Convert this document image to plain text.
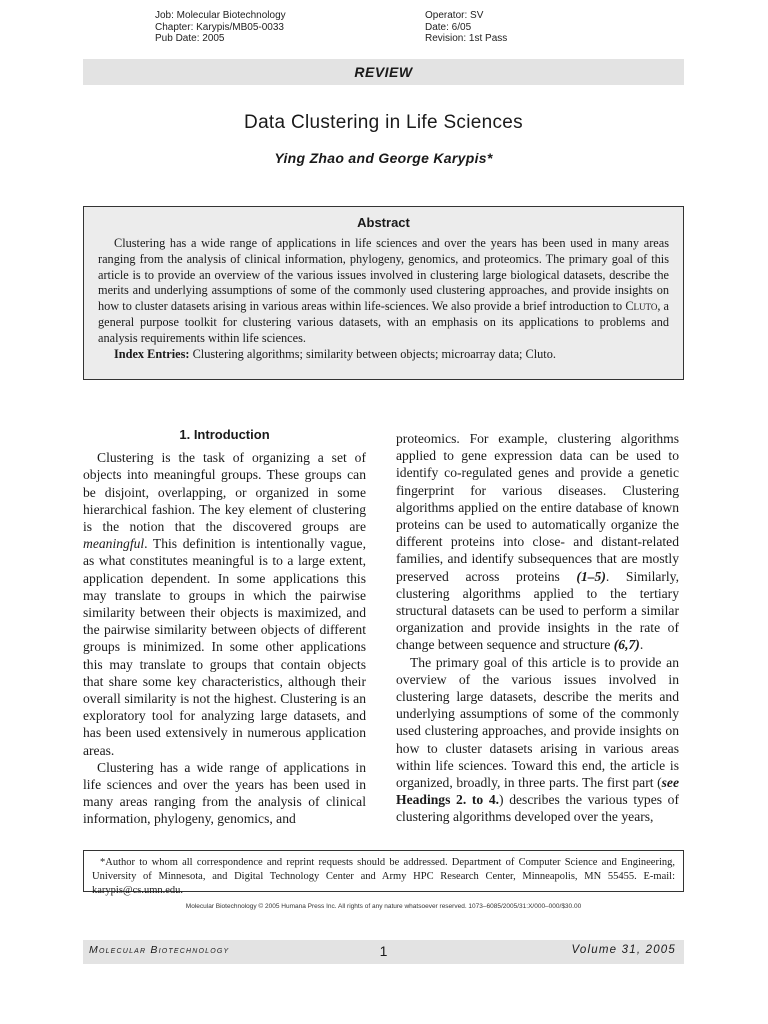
Job: Molecular Biotechnology
Chapter: Karypis/MB05-0033
Pub Date: 2005
Operator: SV
Date: 6/05
Revision: 1st Pass
REVIEW
Data Clustering in Life Sciences
Ying Zhao and George Karypis*
Abstract

Clustering has a wide range of applications in life sciences and over the years has been used in many areas ranging from the analysis of clinical information, phylogeny, genomics, and proteomics. The primary goal of this article is to provide an overview of the various issues involved in clustering large biological datasets, describe the merits and underlying assumptions of some of the commonly used clustering approaches, and provide insights on how to cluster datasets arising in various areas within life-sciences. We also provide a brief introduction to Cluto, a general purpose toolkit for clustering various datasets, with an emphasis on its applications to problems and analysis requirements within life sciences.

Index Entries: Clustering algorithms; similarity between objects; microarray data; Cluto.

1. Introduction

Clustering is the task of organizing a set of objects into meaningful groups. These groups can be disjoint, overlapping, or organized in some hierarchical fashion. The key element of clustering is the notion that the discovered groups are meaningful. This definition is intentionally vague, as what constitutes meaningful is to a large extent, application dependent. In some applications this may translate to groups in which the pairwise similarity between their objects is maximized, and the pairwise similarity between objects of different groups is minimized. In some other applications this may translate to groups that contain objects that share some key characteristics, although their overall similarity is not the highest. Clustering is an exploratory tool for analyzing large datasets, and has been used extensively in numerous application areas.

Clustering has a wide range of applications in life sciences and over the years has been used in many areas ranging from the analysis of clinical information, phylogeny, genomics, and

proteomics. For example, clustering algorithms applied to gene expression data can be used to identify co-regulated genes and provide a genetic fingerprint for various diseases. Clustering algorithms applied on the entire database of known proteins can be used to automatically organize the different proteins into close- and distant-related families, and identify subsequences that are mostly preserved across proteins (1–5). Similarly, clustering algorithms applied to the tertiary structural datasets can be used to perform a similar organization and provide insights in the rate of change between sequence and structure (6,7).

The primary goal of this article is to provide an overview of the various issues involved in clustering large datasets, describe the merits and underlying assumptions of some of the commonly used clustering approaches, and provide insights on how to cluster datasets arising in various areas within life sciences. Toward this end, the article is organized, broadly, in three parts. The first part (see Headings 2. to 4.) describes the various types of clustering algorithms developed over the years,

*Author to whom all correspondence and reprint requests should be addressed. Department of Computer Science and Engineering, University of Minnesota, and Digital Technology Center and Army HPC Research Center, Minneapolis, MN 55455. E-mail: karypis@cs.umn.edu.
Molecular Biotechnology © 2005 Humana Press Inc. All rights of any nature whatsoever reserved. 1073–6085/2005/31:X/000–000/$30.00
Molecular Biotechnology	1	Volume 31, 2005
